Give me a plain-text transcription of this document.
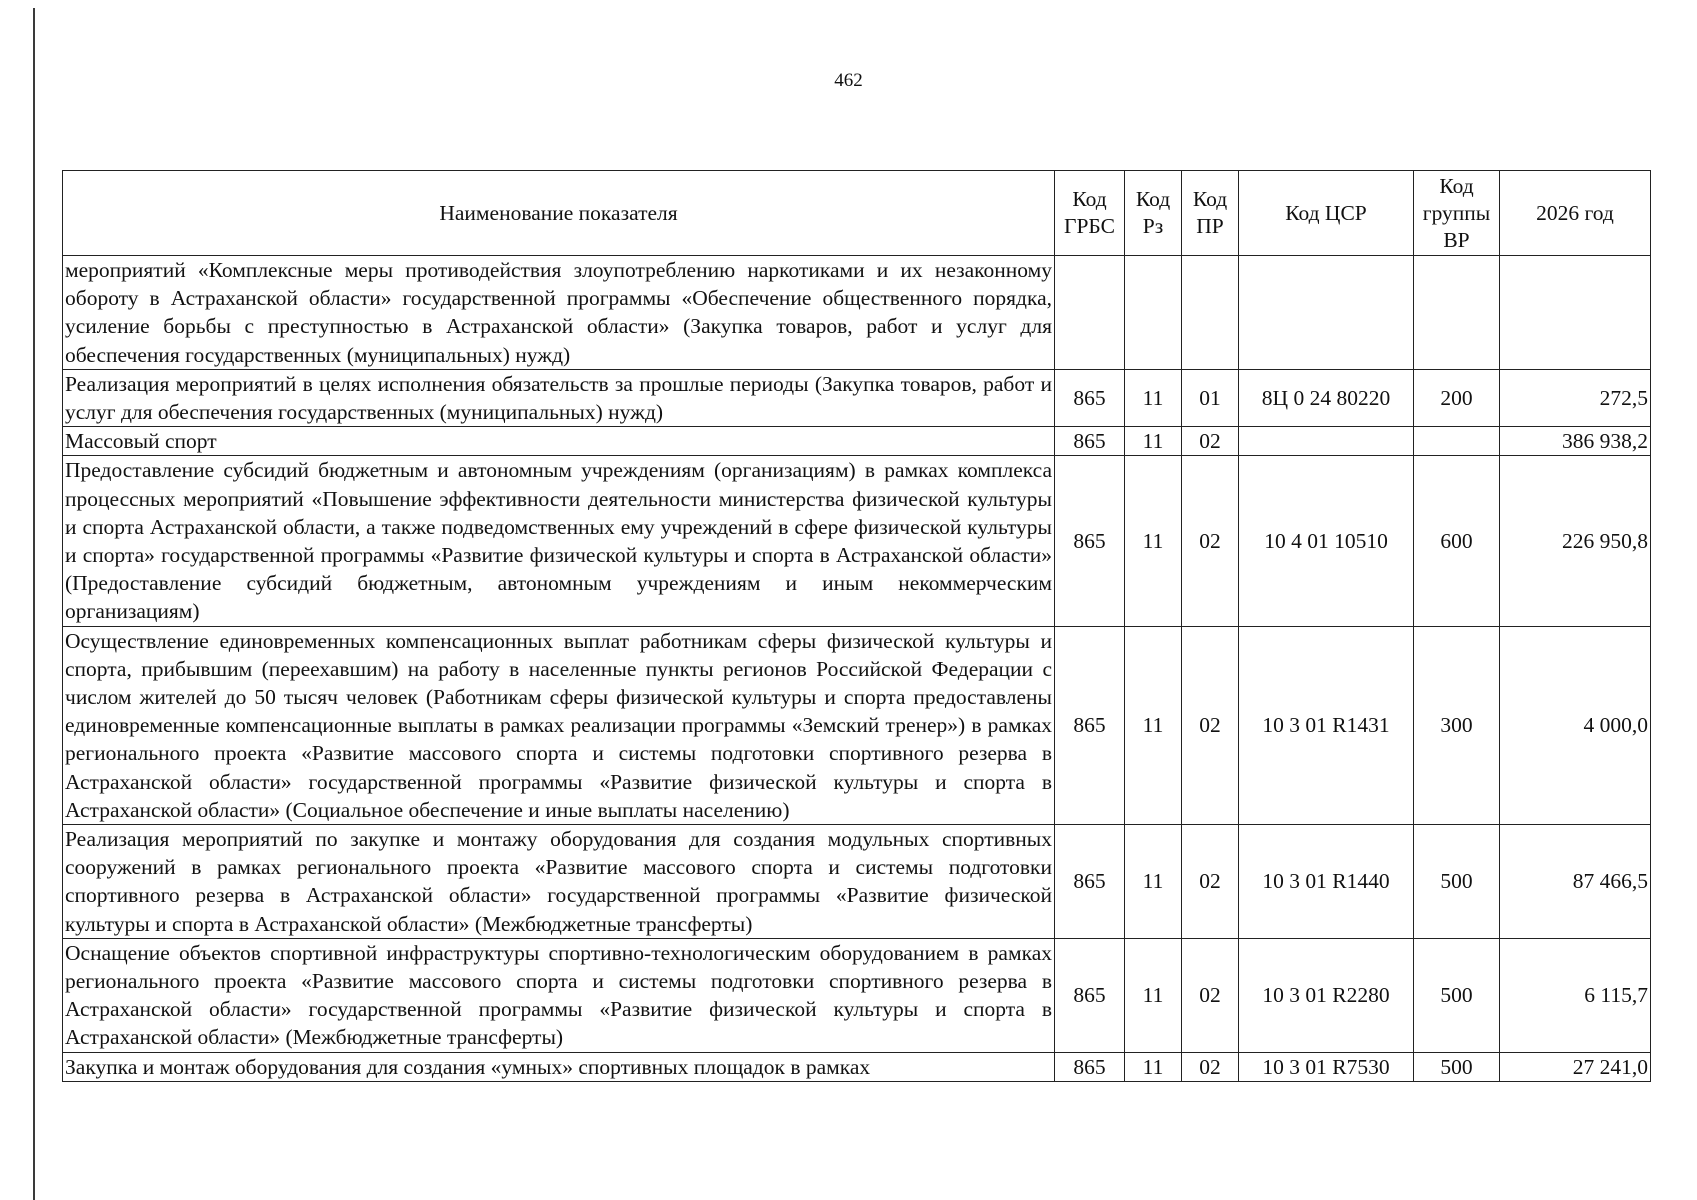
462
Наименование показателя	Код ГРБС	Код Рз	Код ПР	Код ЦСР	Код группы ВР	2026 год
мероприятий «Комплексные меры противодействия злоупотреблению наркотиками и их незаконному обороту в Астраханской области» государственной программы «Обеспечение общественного порядка, усиление борьбы с преступностью в Астраханской области» (Закупка товаров, работ и услуг для обеспечения государственных (муниципальных) нужд)						
Реализация мероприятий в целях исполнения обязательств за прошлые периоды (Закупка товаров, работ и услуг для обеспечения государственных (муниципальных) нужд)	865	11	01	8Ц 0 24 80220	200	272,5
Массовый спорт	865	11	02			386 938,2
Предоставление субсидий бюджетным и автономным учреждениям (организациям) в рамках комплекса процессных мероприятий «Повышение эффективности деятельности министерства физической культуры и спорта Астраханской области, а также подведомственных ему учреждений в сфере физической культуры и спорта» государственной программы «Развитие физической культуры и спорта в Астраханской области» (Предоставление субсидий бюджетным, автономным учреждениям и иным некоммерческим организациям)	865	11	02	10 4 01 10510	600	226 950,8
Осуществление единовременных компенсационных выплат работникам сферы физической культуры и спорта, прибывшим (переехавшим) на работу в населенные пункты регионов Российской Федерации с числом жителей до 50 тысяч человек (Работникам сферы физической культуры и спорта предоставлены единовременные компенсационные выплаты в рамках реализации программы «Земский тренер») в рамках регионального проекта «Развитие массового спорта и системы подготовки спортивного резерва в Астраханской области» государственной программы «Развитие физической культуры и спорта в Астраханской области» (Социальное обеспечение и иные выплаты населению)	865	11	02	10 3 01 R1431	300	4 000,0
Реализация мероприятий по закупке и монтажу оборудования для создания модульных спортивных сооружений в рамках регионального проекта «Развитие массового спорта и системы подготовки спортивного резерва в Астраханской области» государственной программы «Развитие физической культуры и спорта в Астраханской области» (Межбюджетные трансферты)	865	11	02	10 3 01 R1440	500	87 466,5
Оснащение объектов спортивной инфраструктуры спортивно-технологическим оборудованием в рамках регионального проекта «Развитие массового спорта и системы подготовки спортивного резерва в Астраханской области» государственной программы «Развитие физической культуры и спорта в Астраханской области» (Межбюджетные трансферты)	865	11	02	10 3 01 R2280	500	6 115,7
Закупка и монтаж оборудования для создания «умных» спортивных площадок в рамках	865	11	02	10 3 01 R7530	500	27 241,0
